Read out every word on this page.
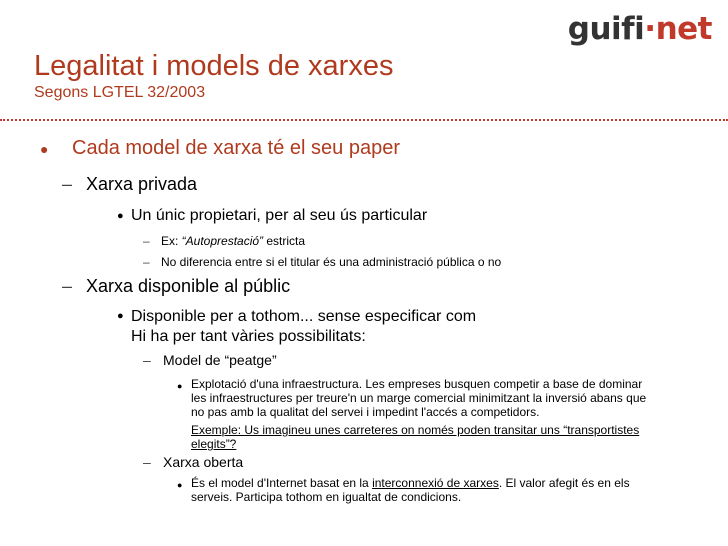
guifi·net
Legalitat i models de xarxes
Segons LGTEL 32/2003
●	Cada model de xarxa té el seu paper
– Xarxa privada
● Un únic propietari, per al seu ús particular
– Ex: “Autoprestació” estricta
– No diferencia entre si el titular és una administració pública o no
– Xarxa disponible al públic
● Disponible per a tothom... sense especificar com
Hi ha per tant vàries possibilitats:
– Model de “peatge”
● Explotació d'una infraestructura. Les empreses busquen competir a base de dominar
les infraestructures per treure'n un marge comercial minimitzant la inversió abans que
no pas amb la qualitat del servei i impedint l'accés a competidors.
Exemple: Us imagineu unes carreteres on només poden transitar uns “transportistes
elegits”?
– Xarxa oberta
● És el model d'Internet basat en la interconnexió de xarxes. El valor afegit és en els
serveis. Participa tothom en igualtat de condicions.
